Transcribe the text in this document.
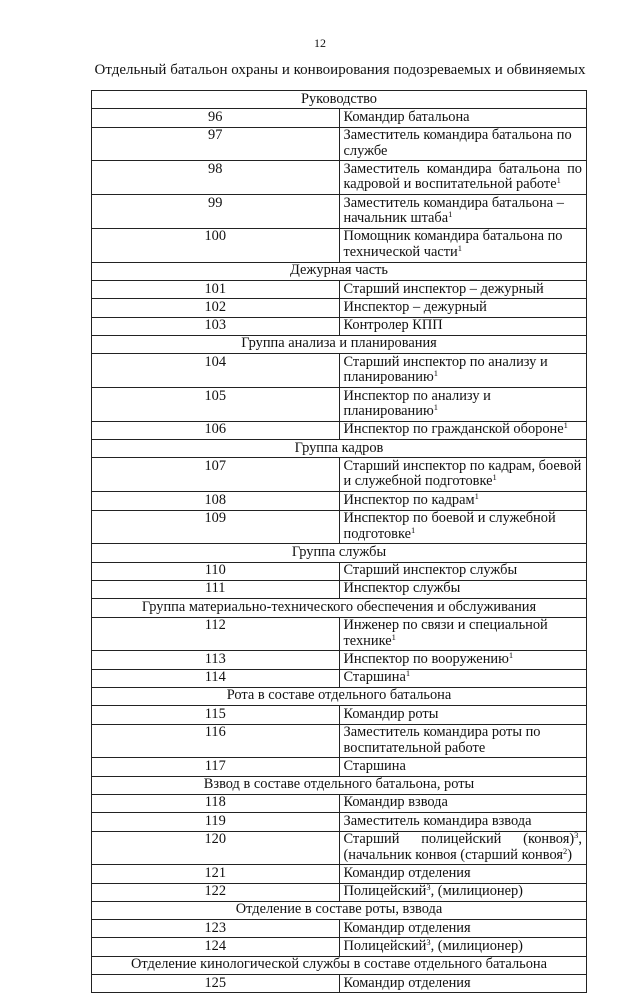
12
Отдельный батальон охраны и конвоирования подозреваемых и обвиняемых
Руководство	
96	Командир батальона
97	Заместитель командира батальона по службе
98	Заместитель командира батальона по кадровой и воспитательной работе$^1$
99	Заместитель командира батальона – начальник штаба$^1$
100	Помощник командира батальона по технической части$^1$
Дежурная часть	
101	Старший инспектор – дежурный
102	Инспектор – дежурный
103	Контролер КПП
Группа анализа и планирования	
104	Старший инспектор по анализу и планированию$^1$
105	Инспектор по анализу и планированию$^1$
106	Инспектор по гражданской обороне$^1$
Группа кадров	
107	Старший инспектор по кадрам, боевой и служебной подготовке$^1$
108	Инспектор по кадрам$^1$
109	Инспектор по боевой и служебной подготовке$^1$
Группа службы	
110	Старший инспектор службы
111	Инспектор службы
Группа материально-технического обеспечения и обслуживания	
112	Инженер по связи и специальной технике$^1$
113	Инспектор по вооружению$^1$
114	Старшина$^1$
Рота в составе отдельного батальона	
115	Командир роты
116	Заместитель командира роты по воспитательной работе
117	Старшина
Взвод в составе отдельного батальона, роты	
118	Командир взвода
119	Заместитель командира взвода
120	Старший полицейский (конвоя)$^3$, (начальник конвоя (старший конвоя$^2$)
121	Командир отделения
122	Полицейский$^3$, (милиционер)
Отделение в составе роты, взвода	
123	Командир отделения
124	Полицейский$^3$, (милиционер)
Отделение кинологической службы в составе отдельного батальона	
125	Командир отделения
